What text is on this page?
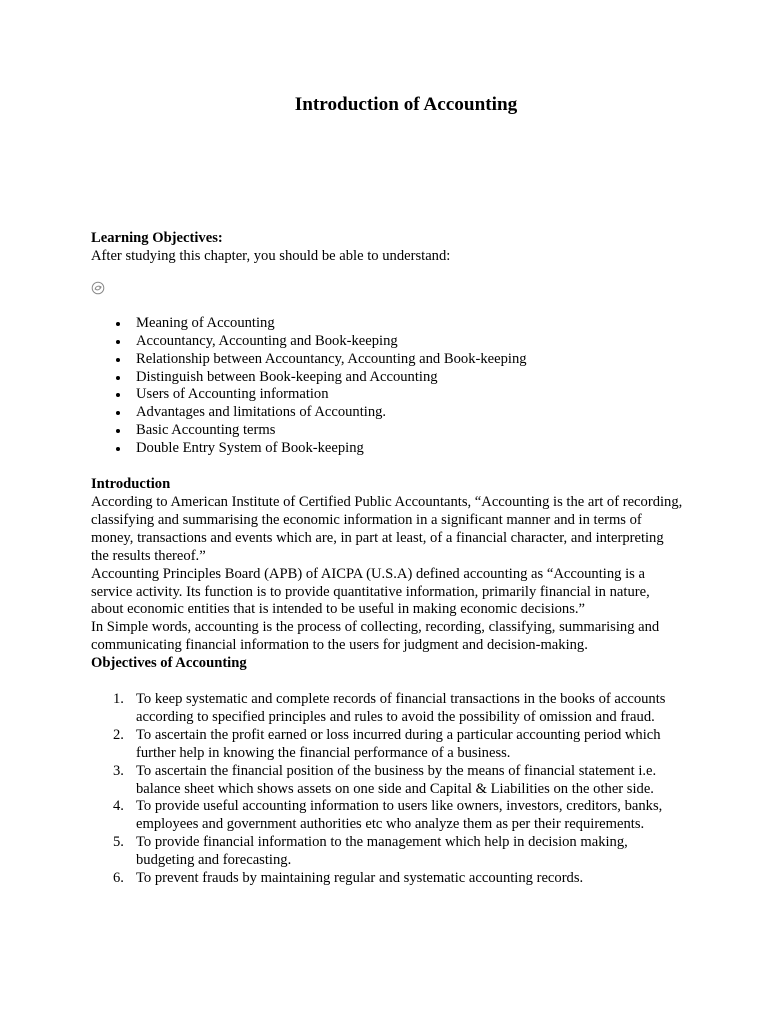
Introduction of Accounting

Learning Objectives:

After studying this chapter, you should be able to understand:

Meaning of Accounting
Accountancy, Accounting and Book-keeping
Relationship between Accountancy, Accounting and Book-keeping
Distinguish between Book-keeping and Accounting
Users of Accounting information
Advantages and limitations of Accounting.
Basic Accounting terms
Double Entry System of Book-keeping

Introduction

According to American Institute of Certified Public Accountants, “Accounting is the art of recording, classifying and summarising the economic information in a significant manner and in terms of money, transactions and events which are, in part at least, of a financial character, and interpreting the results thereof.”

Accounting Principles Board (APB) of AICPA (U.S.A) defined accounting as “Accounting is a service activity. Its function is to provide quantitative information, primarily financial in nature, about economic entities that is intended to be useful in making economic decisions.”

In Simple words, accounting is the process of collecting, recording, classifying, summarising and communicating financial information to the users for judgment and decision-making.

Objectives of Accounting

1. To keep systematic and complete records of financial transactions in the books of accounts according to specified principles and rules to avoid the possibility of omission and fraud.
2. To ascertain the profit earned or loss incurred during a particular accounting period which further help in knowing the financial performance of a business.
3. To ascertain the financial position of the business by the means of financial statement i.e. balance sheet which shows assets on one side and Capital & Liabilities on the other side.
4. To provide useful accounting information to users like owners, investors, creditors, banks, employees and government authorities etc who analyze them as per their requirements.
5. To provide financial information to the management which help in decision making, budgeting and forecasting.
6. To prevent frauds by maintaining regular and systematic accounting records.
